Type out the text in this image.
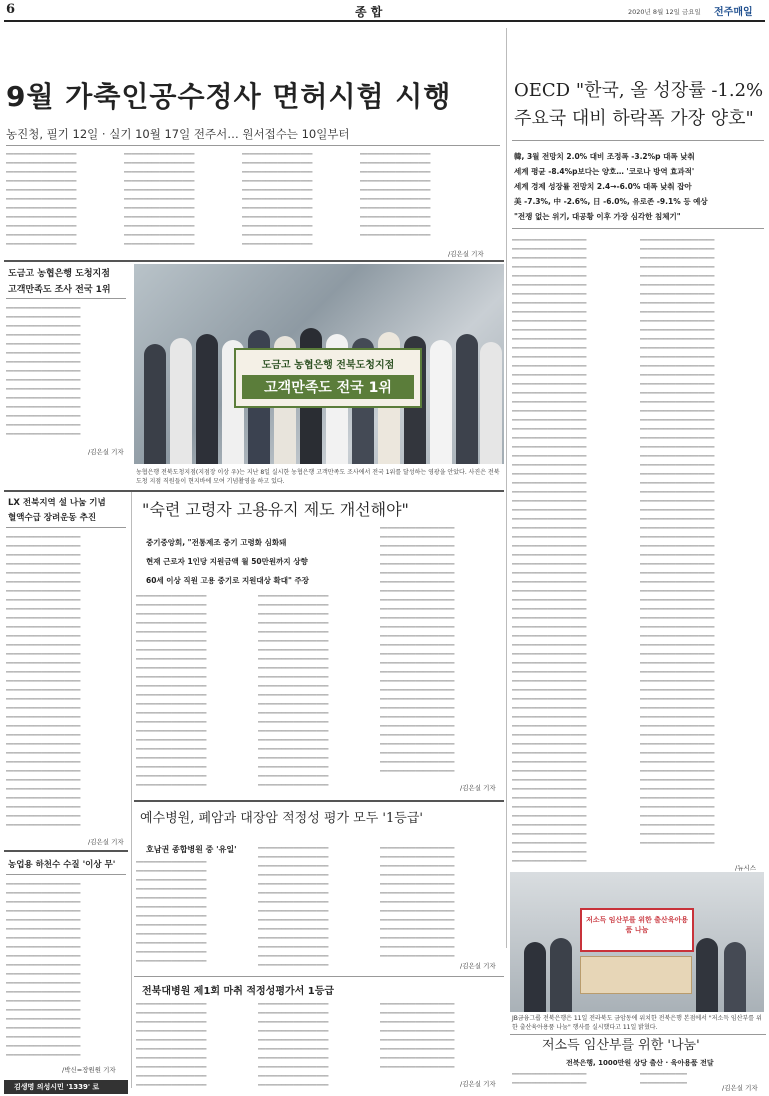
6	종 합	2020년 8월 12일 금요일 전주매일
9월 가축인공수정사 면허시험 시행
농진청, 필기 12일 · 실기 10월 17일 전주서… 원서접수는 10일부터
━━━━━━━━━━━━━━━━━━
━━━━━━━━━━━━━━━━━━
━━━━━━━━━━━━━━━━━━
━━━━━━━━━━━━━━━━━━
━━━━━━━━━━━━━━━━━━
━━━━━━━━━━━━━━━━━━
━━━━━━━━━━━━━━━━━━
━━━━━━━━━━━━━━━━━━
━━━━━━━━━━━━━━━━━━
━━━━━━━━━━━━━━━━━━
━━━━━━━━━━━━━━━━━━
━━━━━━━━━━━━━━━━━━
━━━━━━━━━━━━━━━━━━
━━━━━━━━━━━━━━━━━━
━━━━━━━━━━━━━━━━━━
━━━━━━━━━━━━━━━━━━
━━━━━━━━━━━━━━━━━━
━━━━━━━━━━━━━━━━━━
━━━━━━━━━━━━━━━━━━
━━━━━━━━━━━━━━━━━━
━━━━━━━━━━━━━━━━━━
━━━━━━━━━━━━━━━━━━
━━━━━━━━━━━━━━━━━━
━━━━━━━━━━━━━━━━━━
━━━━━━━━━━━━━━━━━━
━━━━━━━━━━━━━━━━━━
━━━━━━━━━━━━━━━━━━
━━━━━━━━━━━━━━━━━━
━━━━━━━━━━━━━━━━━━
━━━━━━━━━━━━━━━━━━
━━━━━━━━━━━━━━━━━━
━━━━━━━━━━━━━━━━━━
━━━━━━━━━━━━━━━━━━
━━━━━━━━━━━━━━━━━━
━━━━━━━━━━━━━━━━━━
━━━━━━━━━━━━━━━━━━
━━━━━━━━━━━━━━━━━━
━━━━━━━━━━━━━━━━━━
━━━━━━━━━━━━━━━━━━
━━━━━━━━━━━━━━━━━━
━━━━━━━━━━━━━━━━━━
━━━━━━━━━━━━━━━━━━
━━━━━━━━━━━━━━━━━━
/김은실 기자
OECD "한국, 올 성장률 -1.2%
주요국 대비 하락폭 가장 양호"
韓, 3월 전망치 2.0% 대비 조정폭 -3.2%p 대폭 낮춰
세계 평균 -8.4%p보다는 양호… '코로나 방역 효과적'
세계 경제 성장률 전망치 2.4→-6.0% 대폭 낮춰 잡아
美 -7.3%, 中 -2.6%, 日 -6.0%, 유로존 -9.1% 등 예상
"전쟁 없는 위기, 대공황 이후 가장 심각한 침체기"
━━━━━━━━━━━━━━━━━━━
━━━━━━━━━━━━━━━━━━━
━━━━━━━━━━━━━━━━━━━
━━━━━━━━━━━━━━━━━━━
━━━━━━━━━━━━━━━━━━━
━━━━━━━━━━━━━━━━━━━
━━━━━━━━━━━━━━━━━━━
━━━━━━━━━━━━━━━━━━━
━━━━━━━━━━━━━━━━━━━
━━━━━━━━━━━━━━━━━━━
━━━━━━━━━━━━━━━━━━━
━━━━━━━━━━━━━━━━━━━
━━━━━━━━━━━━━━━━━━━
━━━━━━━━━━━━━━━━━━━
━━━━━━━━━━━━━━━━━━━
━━━━━━━━━━━━━━━━━━━
━━━━━━━━━━━━━━━━━━━
━━━━━━━━━━━━━━━━━━━
━━━━━━━━━━━━━━━━━━━
━━━━━━━━━━━━━━━━━━━
━━━━━━━━━━━━━━━━━━━
━━━━━━━━━━━━━━━━━━━
━━━━━━━━━━━━━━━━━━━
━━━━━━━━━━━━━━━━━━━
━━━━━━━━━━━━━━━━━━━
━━━━━━━━━━━━━━━━━━━
━━━━━━━━━━━━━━━━━━━
━━━━━━━━━━━━━━━━━━━
━━━━━━━━━━━━━━━━━━━
━━━━━━━━━━━━━━━━━━━
━━━━━━━━━━━━━━━━━━━
━━━━━━━━━━━━━━━━━━━
━━━━━━━━━━━━━━━━━━━
━━━━━━━━━━━━━━━━━━━
━━━━━━━━━━━━━━━━━━━
━━━━━━━━━━━━━━━━━━━
━━━━━━━━━━━━━━━━━━━
━━━━━━━━━━━━━━━━━━━
━━━━━━━━━━━━━━━━━━━
━━━━━━━━━━━━━━━━━━━
━━━━━━━━━━━━━━━━━━━
━━━━━━━━━━━━━━━━━━━
━━━━━━━━━━━━━━━━━━━
━━━━━━━━━━━━━━━━━━━
━━━━━━━━━━━━━━━━━━━
━━━━━━━━━━━━━━━━━━━
━━━━━━━━━━━━━━━━━━━
━━━━━━━━━━━━━━━━━━━
━━━━━━━━━━━━━━━━━━━
━━━━━━━━━━━━━━━━━━━
━━━━━━━━━━━━━━━━━━━
━━━━━━━━━━━━━━━━━━━
━━━━━━━━━━━━━━━━━━━
━━━━━━━━━━━━━━━━━━━
━━━━━━━━━━━━━━━━━━━
━━━━━━━━━━━━━━━━━━━
━━━━━━━━━━━━━━━━━━━
━━━━━━━━━━━━━━━━━━━
━━━━━━━━━━━━━━━━━━━
━━━━━━━━━━━━━━━━━━━
━━━━━━━━━━━━━━━━━━━
━━━━━━━━━━━━━━━━━━━
━━━━━━━━━━━━━━━━━━━
━━━━━━━━━━━━━━━━━━━
━━━━━━━━━━━━━━━━━━━
━━━━━━━━━━━━━━━━━━━
━━━━━━━━━━━━━━━━━━━
━━━━━━━━━━━━━━━━━━━
━━━━━━━━━━━━━━━━━━━
━━━━━━━━━━━━━━━━━━━
━━━━━━━━━━━━━━━━━━━
━━━━━━━━━━━━━━━━━━━
━━━━━━━━━━━━━━━━━━━
━━━━━━━━━━━━━━━━━━━
━━━━━━━━━━━━━━━━━━━
━━━━━━━━━━━━━━━━━━━
━━━━━━━━━━━━━━━━━━━
━━━━━━━━━━━━━━━━━━━
━━━━━━━━━━━━━━━━━━━
━━━━━━━━━━━━━━━━━━━
━━━━━━━━━━━━━━━━━━━
━━━━━━━━━━━━━━━━━━━
━━━━━━━━━━━━━━━━━━━
━━━━━━━━━━━━━━━━━━━
━━━━━━━━━━━━━━━━━━━
━━━━━━━━━━━━━━━━━━━
━━━━━━━━━━━━━━━━━━━
━━━━━━━━━━━━━━━━━━━
━━━━━━━━━━━━━━━━━━━
━━━━━━━━━━━━━━━━━━━
━━━━━━━━━━━━━━━━━━━
━━━━━━━━━━━━━━━━━━━
━━━━━━━━━━━━━━━━━━━
━━━━━━━━━━━━━━━━━━━
━━━━━━━━━━━━━━━━━━━
━━━━━━━━━━━━━━━━━━━
━━━━━━━━━━━━━━━━━━━
━━━━━━━━━━━━━━━━━━━
━━━━━━━━━━━━━━━━━━━
━━━━━━━━━━━━━━━━━━━
━━━━━━━━━━━━━━━━━━━
━━━━━━━━━━━━━━━━━━━
━━━━━━━━━━━━━━━━━━━
━━━━━━━━━━━━━━━━━━━
━━━━━━━━━━━━━━━━━━━
━━━━━━━━━━━━━━━━━━━
━━━━━━━━━━━━━━━━━━━
━━━━━━━━━━━━━━━━━━━
━━━━━━━━━━━━━━━━━━━
━━━━━━━━━━━━━━━━━━━
━━━━━━━━━━━━━━━━━━━
━━━━━━━━━━━━━━━━━━━
━━━━━━━━━━━━━━━━━━━
━━━━━━━━━━━━━━━━━━━
━━━━━━━━━━━━━━━━━━━
━━━━━━━━━━━━━━━━━━━
━━━━━━━━━━━━━━━━━━━
━━━━━━━━━━━━━━━━━━━
━━━━━━━━━━━━━━━━━━━
━━━━━━━━━━━━━━━━━━━
━━━━━━━━━━━━━━━━━━━
━━━━━━━━━━━━━━━━━━━
━━━━━━━━━━━━━━━━━━━
━━━━━━━━━━━━━━━━━━━
━━━━━━━━━━━━━━━━━━━
━━━━━━━━━━━━━━━━━━━
━━━━━━━━━━━━━━━━━━━
━━━━━━━━━━━━━━━━━━━
━━━━━━━━━━━━━━━━━━━
━━━━━━━━━━━━━━━━━━━
━━━━━━━━━━━━━━━━━━━
━━━━━━━━━━━━━━━━━━━
━━━━━━━━━━━━━━━━━━━
━━━━━━━━━━━━━━━━━━━
━━━━━━━━━━━━━━━━━━━
━━━━━━━━━━━━━━━━━━━
━━━━━━━━━━━━━━━━━━━
━━━━━━━━━━━━━━━━━━━
/뉴시스
도금고 농협은행 도청지점
고객만족도 조사 전국 1위
━━━━━━━━━━━━━━━━━━━
━━━━━━━━━━━━━━━━━━━
━━━━━━━━━━━━━━━━━━━
━━━━━━━━━━━━━━━━━━━
━━━━━━━━━━━━━━━━━━━
━━━━━━━━━━━━━━━━━━━
━━━━━━━━━━━━━━━━━━━
━━━━━━━━━━━━━━━━━━━
━━━━━━━━━━━━━━━━━━━
━━━━━━━━━━━━━━━━━━━
━━━━━━━━━━━━━━━━━━━
━━━━━━━━━━━━━━━━━━━
━━━━━━━━━━━━━━━━━━━
━━━━━━━━━━━━━━━━━━━
━━━━━━━━━━━━━━━━━━━
/김은실 기자
도금고 농협은행 전북도청지점
고객만족도 전국 1위
농협은행 전북도청지점(지점장 이상 우)는 지난 8일 실시한 농협은행 고객만족도 조사에서 전국 1위를 달성하는 영광을 안았다. 사진은 전북도청 지점 직원들이 현지바에 모여 기념촬영을 하고 있다.
LX 전북지역 설 나눔 기념
혈액수급 장려운동 추진
━━━━━━━━━━━━━━━━━━━
━━━━━━━━━━━━━━━━━━━
━━━━━━━━━━━━━━━━━━━
━━━━━━━━━━━━━━━━━━━
━━━━━━━━━━━━━━━━━━━
━━━━━━━━━━━━━━━━━━━
━━━━━━━━━━━━━━━━━━━
━━━━━━━━━━━━━━━━━━━
━━━━━━━━━━━━━━━━━━━
━━━━━━━━━━━━━━━━━━━
━━━━━━━━━━━━━━━━━━━
━━━━━━━━━━━━━━━━━━━
━━━━━━━━━━━━━━━━━━━
━━━━━━━━━━━━━━━━━━━
━━━━━━━━━━━━━━━━━━━
━━━━━━━━━━━━━━━━━━━
━━━━━━━━━━━━━━━━━━━
━━━━━━━━━━━━━━━━━━━
━━━━━━━━━━━━━━━━━━━
━━━━━━━━━━━━━━━━━━━
━━━━━━━━━━━━━━━━━━━
━━━━━━━━━━━━━━━━━━━
━━━━━━━━━━━━━━━━━━━
━━━━━━━━━━━━━━━━━━━
━━━━━━━━━━━━━━━━━━━
━━━━━━━━━━━━━━━━━━━
━━━━━━━━━━━━━━━━━━━
━━━━━━━━━━━━━━━━━━━
━━━━━━━━━━━━━━━━━━━
━━━━━━━━━━━━━━━━━━━
━━━━━━━━━━━━━━━━━━━
━━━━━━━━━━━━━━━━━━━
━━━━━━━━━━━━━━━━━━━
/김은실 기자
"숙련 고령자 고용유지 제도 개선해야"
중기중앙회, "전통제조 중기 고령화 심화돼
현재 근로자 1인당 지원금액 월 50만원까지 상향
60세 이상 직원 고용 중기로 지원대상 확대" 주장
━━━━━━━━━━━━━━━━━━
━━━━━━━━━━━━━━━━━━
━━━━━━━━━━━━━━━━━━
━━━━━━━━━━━━━━━━━━
━━━━━━━━━━━━━━━━━━
━━━━━━━━━━━━━━━━━━
━━━━━━━━━━━━━━━━━━
━━━━━━━━━━━━━━━━━━
━━━━━━━━━━━━━━━━━━
━━━━━━━━━━━━━━━━━━
━━━━━━━━━━━━━━━━━━
━━━━━━━━━━━━━━━━━━
━━━━━━━━━━━━━━━━━━
━━━━━━━━━━━━━━━━━━
━━━━━━━━━━━━━━━━━━
━━━━━━━━━━━━━━━━━━
━━━━━━━━━━━━━━━━━━
━━━━━━━━━━━━━━━━━━
━━━━━━━━━━━━━━━━━━
━━━━━━━━━━━━━━━━━━
━━━━━━━━━━━━━━━━━━
━━━━━━━━━━━━━━━━━━
━━━━━━━━━━━━━━━━━━
━━━━━━━━━━━━━━━━━━
━━━━━━━━━━━━━━━━━━
━━━━━━━━━━━━━━━━━━
━━━━━━━━━━━━━━━━━━
━━━━━━━━━━━━━━━━━━
━━━━━━━━━━━━━━━━━━
━━━━━━━━━━━━━━━━━━
━━━━━━━━━━━━━━━━━━
━━━━━━━━━━━━━━━━━━
━━━━━━━━━━━━━━━━━━
━━━━━━━━━━━━━━━━━━
━━━━━━━━━━━━━━━━━━
━━━━━━━━━━━━━━━━━━
━━━━━━━━━━━━━━━━━━
━━━━━━━━━━━━━━━━━━
━━━━━━━━━━━━━━━━━━
━━━━━━━━━━━━━━━━━━
━━━━━━━━━━━━━━━━━━
━━━━━━━━━━━━━━━━━━
━━━━━━━━━━━━━━━━━━
━━━━━━━━━━━━━━━━━━
━━━━━━━━━━━━━━━━━━━
━━━━━━━━━━━━━━━━━━━
━━━━━━━━━━━━━━━━━━━
━━━━━━━━━━━━━━━━━━━
━━━━━━━━━━━━━━━━━━━
━━━━━━━━━━━━━━━━━━━
━━━━━━━━━━━━━━━━━━━
━━━━━━━━━━━━━━━━━━━
━━━━━━━━━━━━━━━━━━━
━━━━━━━━━━━━━━━━━━━
━━━━━━━━━━━━━━━━━━━
━━━━━━━━━━━━━━━━━━━
━━━━━━━━━━━━━━━━━━━
━━━━━━━━━━━━━━━━━━━
━━━━━━━━━━━━━━━━━━━
━━━━━━━━━━━━━━━━━━━
━━━━━━━━━━━━━━━━━━━
━━━━━━━━━━━━━━━━━━━
━━━━━━━━━━━━━━━━━━━
━━━━━━━━━━━━━━━━━━━
━━━━━━━━━━━━━━━━━━━
━━━━━━━━━━━━━━━━━━━
━━━━━━━━━━━━━━━━━━━
━━━━━━━━━━━━━━━━━━━
━━━━━━━━━━━━━━━━━━━
━━━━━━━━━━━━━━━━━━━
━━━━━━━━━━━━━━━━━━━
━━━━━━━━━━━━━━━━━━━
/김은실 기자
예수병원, 폐암과 대장암 적정성 평가 모두 '1등급'
호남권 종합병원 중 '유일'
━━━━━━━━━━━━━━━━━━
━━━━━━━━━━━━━━━━━━
━━━━━━━━━━━━━━━━━━
━━━━━━━━━━━━━━━━━━
━━━━━━━━━━━━━━━━━━
━━━━━━━━━━━━━━━━━━
━━━━━━━━━━━━━━━━━━
━━━━━━━━━━━━━━━━━━
━━━━━━━━━━━━━━━━━━
━━━━━━━━━━━━━━━━━━
━━━━━━━━━━━━━━━━━━
━━━━━━━━━━━━━━━━━━
━━━━━━━━━━━━━━━━━━
━━━━━━━━━━━━━━━━━━
━━━━━━━━━━━━━━━━━━
━━━━━━━━━━━━━━━━━━
━━━━━━━━━━━━━━━━━━
━━━━━━━━━━━━━━━━━━
━━━━━━━━━━━━━━━━━━
━━━━━━━━━━━━━━━━━━
━━━━━━━━━━━━━━━━━━
━━━━━━━━━━━━━━━━━━
━━━━━━━━━━━━━━━━━━
━━━━━━━━━━━━━━━━━━
━━━━━━━━━━━━━━━━━━
━━━━━━━━━━━━━━━━━━
━━━━━━━━━━━━━━━━━━━
━━━━━━━━━━━━━━━━━━━
━━━━━━━━━━━━━━━━━━━
━━━━━━━━━━━━━━━━━━━
━━━━━━━━━━━━━━━━━━━
━━━━━━━━━━━━━━━━━━━
━━━━━━━━━━━━━━━━━━━
━━━━━━━━━━━━━━━━━━━
━━━━━━━━━━━━━━━━━━━
━━━━━━━━━━━━━━━━━━━
━━━━━━━━━━━━━━━━━━━
━━━━━━━━━━━━━━━━━━━
━━━━━━━━━━━━━━━━━━━
/김은실 기자
전북대병원 제1회 마취 적정성평가서 1등급
━━━━━━━━━━━━━━━━━━
━━━━━━━━━━━━━━━━━━
━━━━━━━━━━━━━━━━━━
━━━━━━━━━━━━━━━━━━
━━━━━━━━━━━━━━━━━━
━━━━━━━━━━━━━━━━━━
━━━━━━━━━━━━━━━━━━
━━━━━━━━━━━━━━━━━━
━━━━━━━━━━━━━━━━━━
━━━━━━━━━━━━━━━━━━
━━━━━━━━━━━━━━━━━━
━━━━━━━━━━━━━━━━━━
━━━━━━━━━━━━━━━━━━
━━━━━━━━━━━━━━━━━━
━━━━━━━━━━━━━━━━━━
━━━━━━━━━━━━━━━━━━
━━━━━━━━━━━━━━━━━━
━━━━━━━━━━━━━━━━━━
━━━━━━━━━━━━━━━━━━
━━━━━━━━━━━━━━━━━━
━━━━━━━━━━━━━━━━━━━
━━━━━━━━━━━━━━━━━━━
━━━━━━━━━━━━━━━━━━━
━━━━━━━━━━━━━━━━━━━
━━━━━━━━━━━━━━━━━━━
━━━━━━━━━━━━━━━━━━━
━━━━━━━━━━━━━━━━━━━
━━━━━━━━━━━━━━━━━━━
/김은실 기자
농업용 하천수 수질 '이상 무'
━━━━━━━━━━━━━━━━━━━
━━━━━━━━━━━━━━━━━━━
━━━━━━━━━━━━━━━━━━━
━━━━━━━━━━━━━━━━━━━
━━━━━━━━━━━━━━━━━━━
━━━━━━━━━━━━━━━━━━━
━━━━━━━━━━━━━━━━━━━
━━━━━━━━━━━━━━━━━━━
━━━━━━━━━━━━━━━━━━━
━━━━━━━━━━━━━━━━━━━
━━━━━━━━━━━━━━━━━━━
━━━━━━━━━━━━━━━━━━━
━━━━━━━━━━━━━━━━━━━
━━━━━━━━━━━━━━━━━━━
━━━━━━━━━━━━━━━━━━━
━━━━━━━━━━━━━━━━━━━
━━━━━━━━━━━━━━━━━━━
━━━━━━━━━━━━━━━━━━━
━━━━━━━━━━━━━━━━━━━
━━━━━━━━━━━━━━━━━━━
/박신=장원원 기자
김생명 의성시민 '1339' 로
저소득 임산부를 위한 출산육아용품 나눔
JB금융그룹 전북은행은 11일 전라북도 금암동에 위치한 전북은행 본점에서 "저소득 임산부를 위한 출산육아용품 나눔" 행사를 실시했다고 11일 밝혔다.
저소득 임산부를 위한 '나눔'
전북은행, 1000만원 상당 출산 · 육아용품 전달
━━━━━━━━━━━━━━━━━━━
━━━━━━━━━━━━━━━━━━━
━━━━━━━━━━━━
━━━━━━━━━━━━
/김은실 기자
